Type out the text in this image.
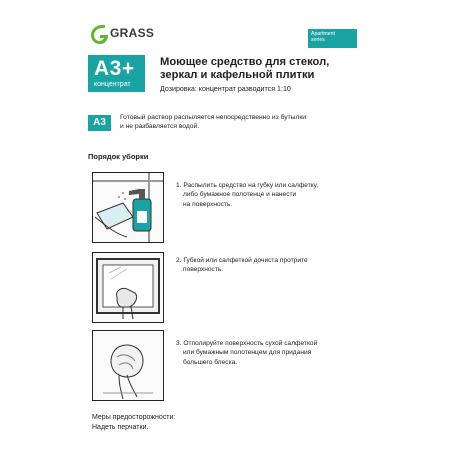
GRASS	Apartment
series
А3+
концентрат
Моющее средство для стекол,
зеркал и кафельной плитки
Дозировка: концентрат разводится 1:10
А3	Готовый раствор распыляется непосредственно из бутылки
и не разбавляется водой.
Порядок уборки
1. Распылить средство на губку или салфетку,
либо бумажное полотенце и нанести
на поверхность.
2. Губкой или салфеткой дочиста протрите
поверхность.
3. Отполируйте поверхность сухой салфеткой
или бумажным полотенцем для придания
большего блеска.
Меры предосторожности:
Надеть перчатки.
